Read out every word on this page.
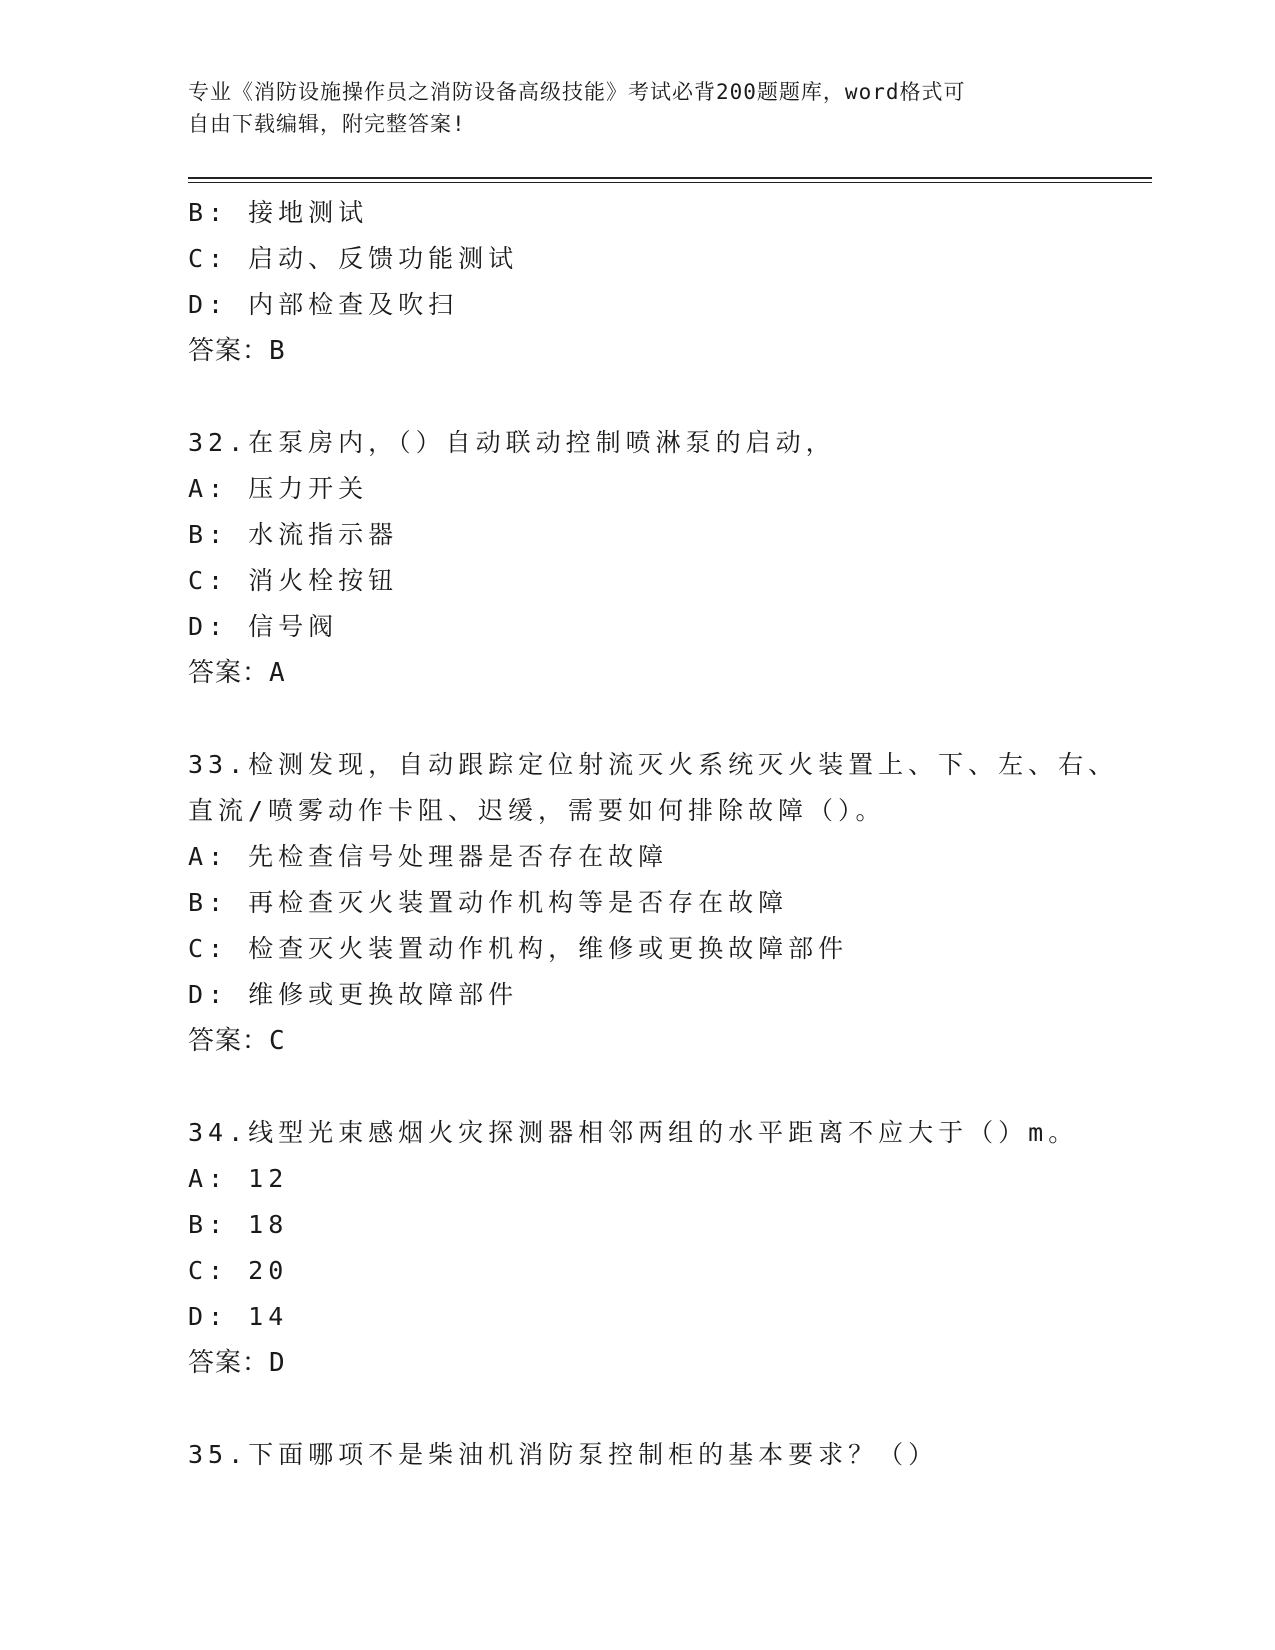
专业《消防设施操作员之消防设备高级技能》考试必背200题题库，word格式可
自由下载编辑，附完整答案!
B: 接地测试
C: 启动、反馈功能测试
D: 内部检查及吹扫
答案：B
32.在泵房内，（）自动联动控制喷淋泵的启动，
A: 压力开关
B: 水流指示器
C: 消火栓按钮
D: 信号阀
答案：A
33.检测发现，自动跟踪定位射流灭火系统灭火装置上、下、左、右、
直流/喷雾动作卡阻、迟缓，需要如何排除故障（）。
A: 先检查信号处理器是否存在故障
B: 再检查灭火装置动作机构等是否存在故障
C: 检查灭火装置动作机构，维修或更换故障部件
D: 维修或更换故障部件
答案：C
34.线型光束感烟火灾探测器相邻两组的水平距离不应大于（）m。
A: 12
B: 18
C: 20
D: 14
答案：D
35.下面哪项不是柴油机消防泵控制柜的基本要求？（）
